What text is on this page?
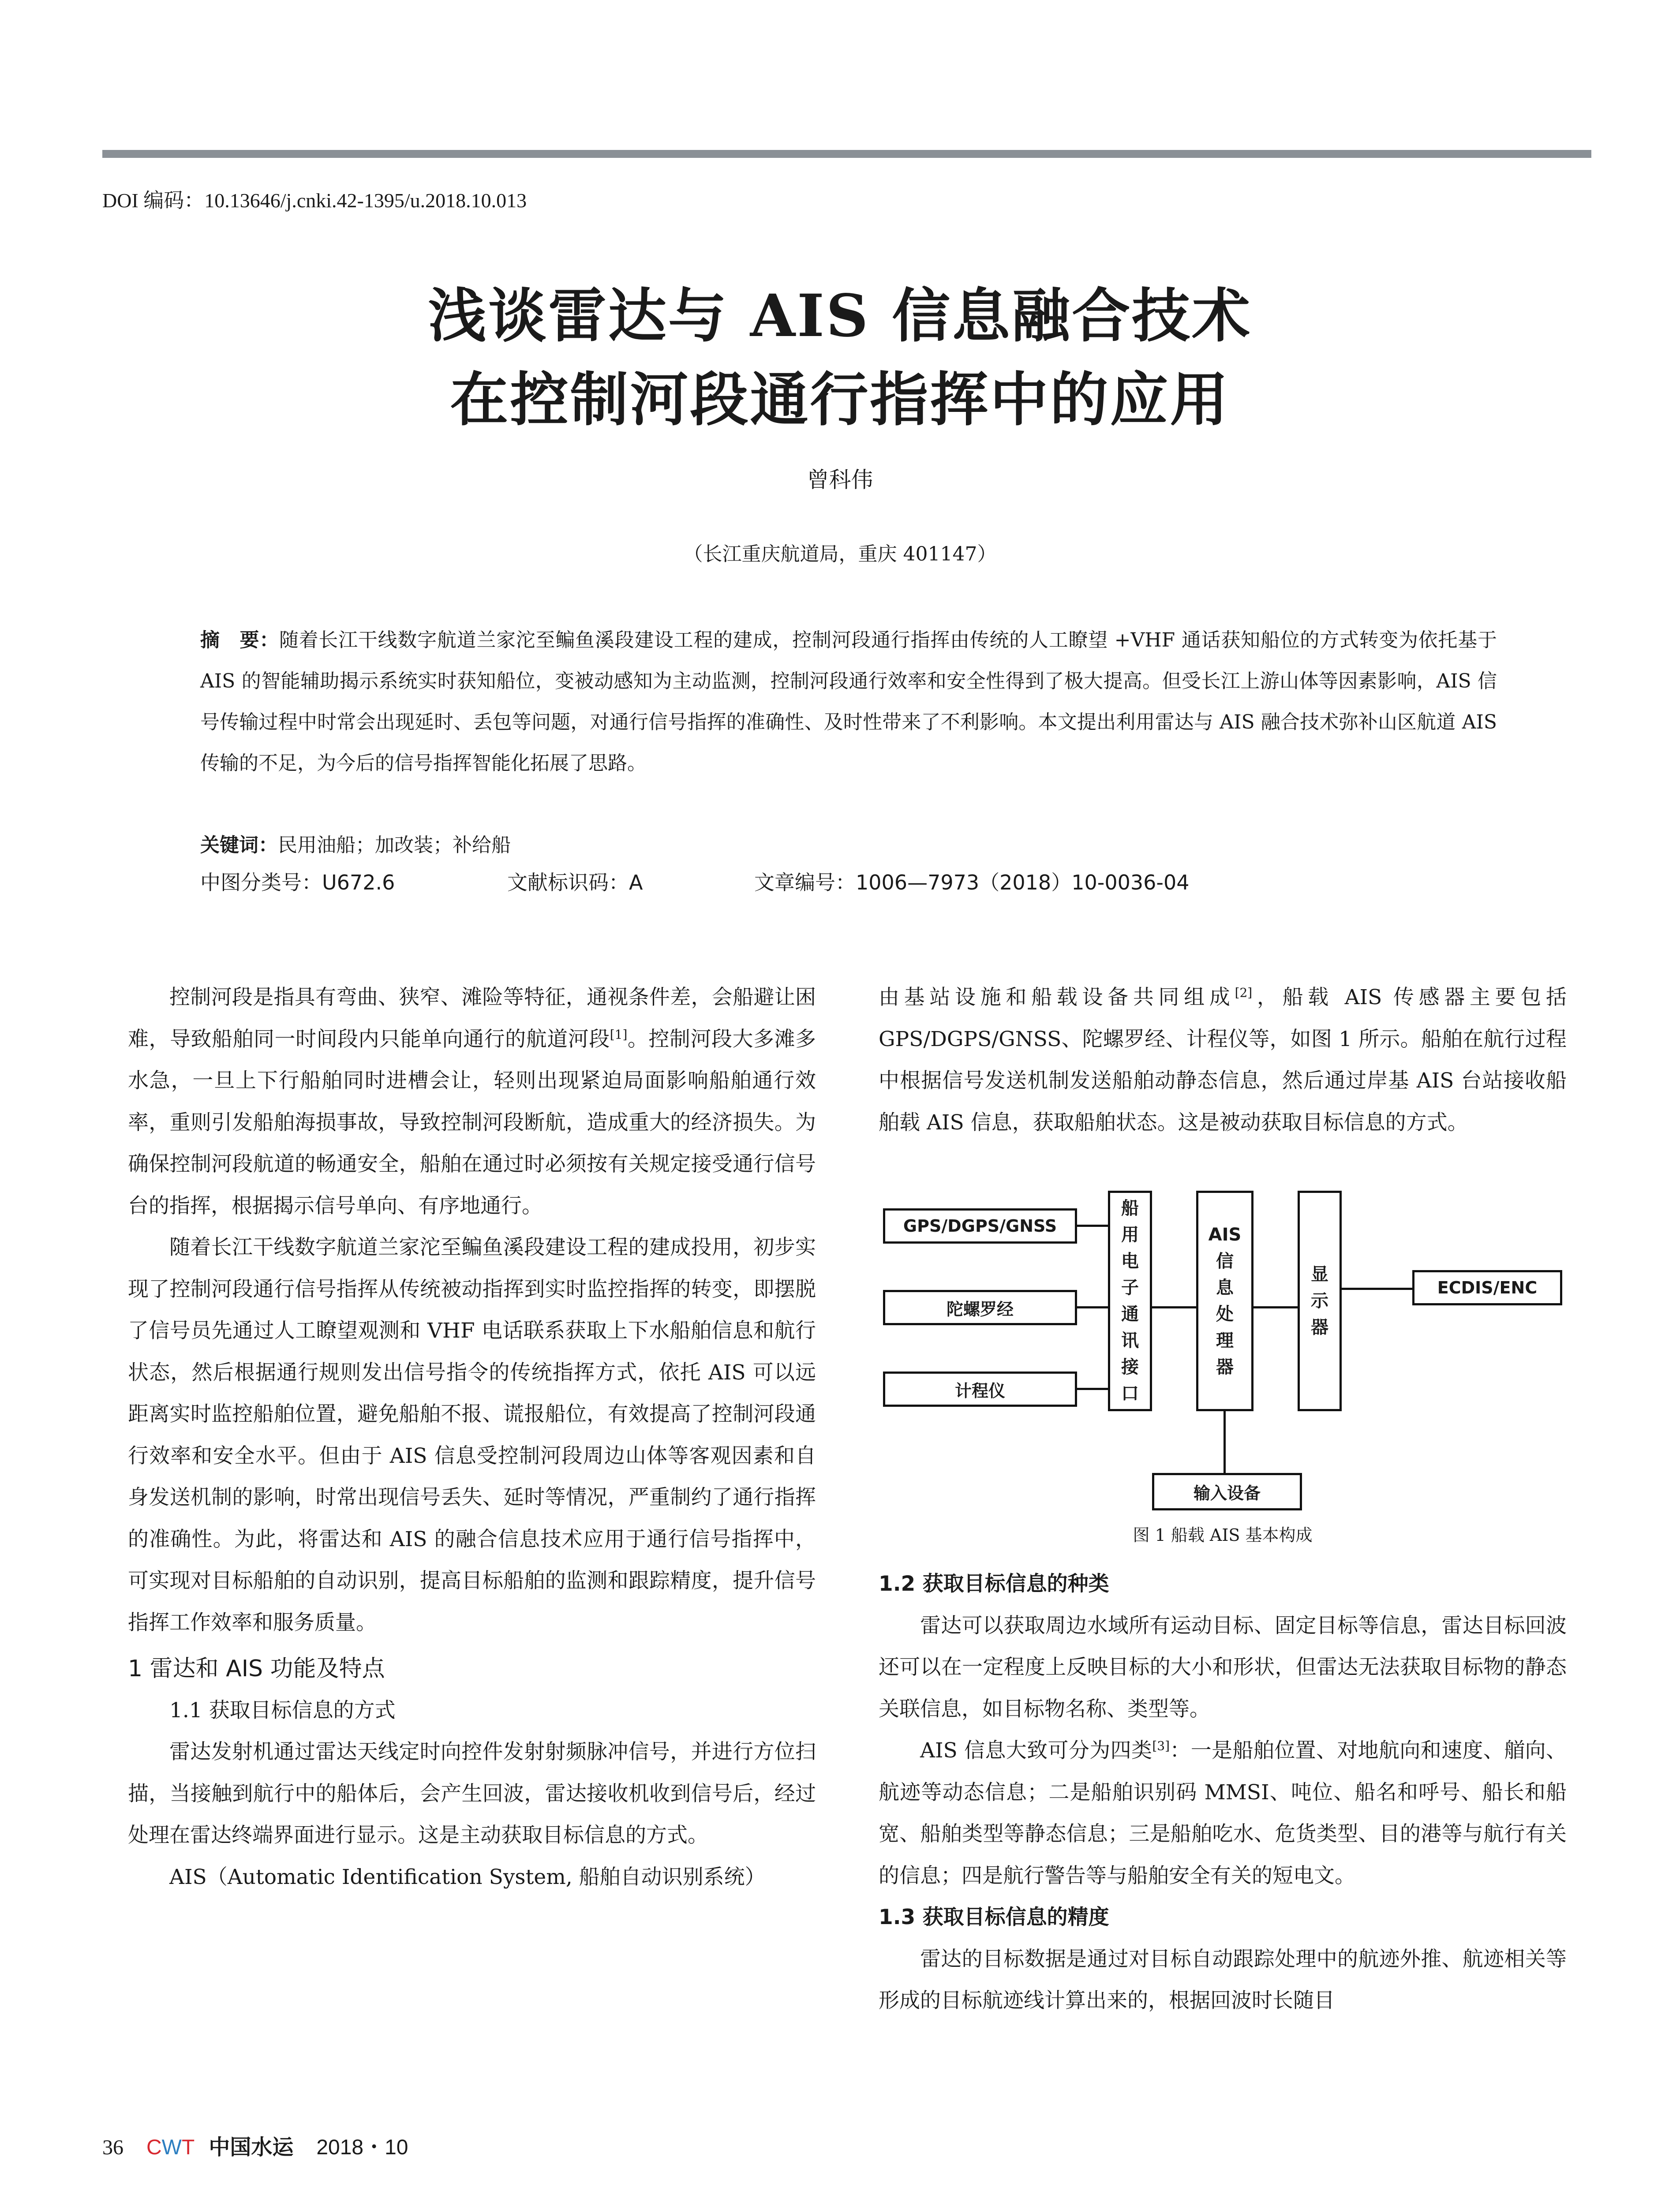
DOI 编码：10.13646/j.cnki.42-1395/u.2018.10.013
浅谈雷达与 AIS 信息融合技术
在控制河段通行指挥中的应用
曾科伟
（长江重庆航道局，重庆 401147）
摘　要：随着长江干线数字航道兰家沱至鳊鱼溪段建设工程的建成，控制河段通行指挥由传统的人工瞭望 +VHF 通话获知船位的方式转变为依托基于 AIS 的智能辅助揭示系统实时获知船位，变被动感知为主动监测，控制河段通行效率和安全性得到了极大提高。但受长江上游山体等因素影响，AIS 信号传输过程中时常会出现延时、丢包等问题，对通行信号指挥的准确性、及时性带来了不利影响。本文提出利用雷达与 AIS 融合技术弥补山区航道 AIS 传输的不足，为今后的信号指挥智能化拓展了思路。
关键词：民用油船；加改装；补给船
中图分类号：U672.6	文献标识码：A	文章编号：1006—7973（2018）10-0036-04

控制河段是指具有弯曲、狭窄、滩险等特征，通视条件差，会船避让困难，导致船舶同一时间段内只能单向通行的航道河段[1]。控制河段大多滩多水急，一旦上下行船舶同时进槽会让，轻则出现紧迫局面影响船舶通行效率，重则引发船舶海损事故，导致控制河段断航，造成重大的经济损失。为确保控制河段航道的畅通安全，船舶在通过时必须按有关规定接受通行信号台的指挥，根据揭示信号单向、有序地通行。

随着长江干线数字航道兰家沱至鳊鱼溪段建设工程的建成投用，初步实现了控制河段通行信号指挥从传统被动指挥到实时监控指挥的转变，即摆脱了信号员先通过人工瞭望观测和 VHF 电话联系获取上下水船舶信息和航行状态，然后根据通行规则发出信号指令的传统指挥方式，依托 AIS 可以远距离实时监控船舶位置，避免船舶不报、谎报船位，有效提高了控制河段通行效率和安全水平。但由于 AIS 信息受控制河段周边山体等客观因素和自身发送机制的影响，时常出现信号丢失、延时等情况，严重制约了通行指挥的准确性。为此，将雷达和 AIS 的融合信息技术应用于通行信号指挥中，可实现对目标船舶的自动识别，提高目标船舶的监测和跟踪精度，提升信号指挥工作效率和服务质量。

1 雷达和 AIS 功能及特点
1.1 获取目标信息的方式

雷达发射机通过雷达天线定时向控件发射射频脉冲信号，并进行方位扫描，当接触到航行中的船体后，会产生回波，雷达接收机收到信号后，经过处理在雷达终端界面进行显示。这是主动获取目标信息的方式。

AIS（Automatic Identification System, 船舶自动识别系统）

由基站设施和船载设备共同组成[2]，船载 AIS 传感器主要包括 GPS/DGPS/GNSS、陀螺罗经、计程仪等，如图 1 所示。船舶在航行过程中根据信号发送机制发送船舶动静态信息，然后通过岸基 AIS 台站接收船舶载 AIS 信息，获取船舶状态。这是被动获取目标信息的方式。

GPS/DGPS/GNSS
陀螺罗经
计程仪
船
用
电
子
通
讯
接
口
AIS
信
息
处
理
器
显
示
器
ECDIS/ENC
输入设备
图 1 船载 AIS 基本构成
1.2 获取目标信息的种类

雷达可以获取周边水域所有运动目标、固定目标等信息，雷达目标回波还可以在一定程度上反映目标的大小和形状，但雷达无法获取目标物的静态关联信息，如目标物名称、类型等。

AIS 信息大致可分为四类[3]：一是船舶位置、对地航向和速度、艏向、航迹等动态信息；二是船舶识别码 MMSI、吨位、船名和呼号、船长和船宽、船舶类型等静态信息；三是船舶吃水、危货类型、目的港等与航行有关的信息；四是航行警告等与船舶安全有关的短电文。

1.3 获取目标信息的精度

雷达的目标数据是通过对目标自动跟踪处理中的航迹外推、航迹相关等形成的目标航迹线计算出来的，根据回波时长随目

36 CWT 中国水运 2018・10
